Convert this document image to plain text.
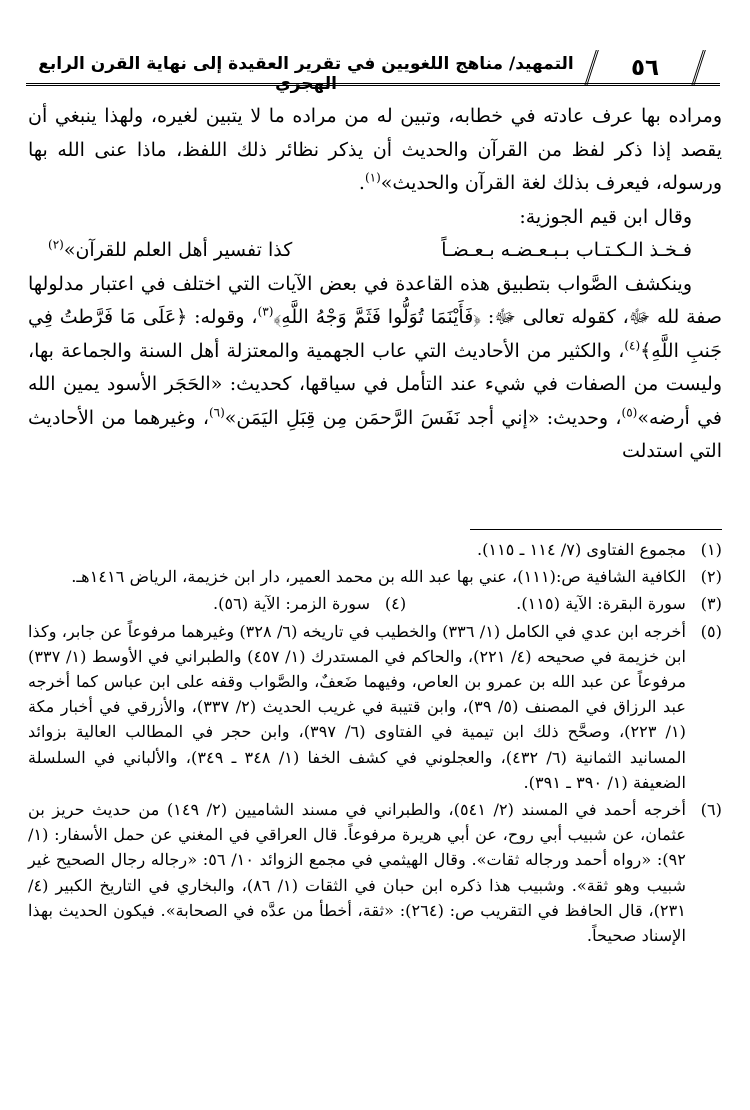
٥٦
التمهيد/ مناهج اللغويين في تقرير العقيدة إلى نهاية القرن الرابع الهجري

ومراده بها عرف عادته في خطابه، وتبين له من مراده ما لا يتبين لغيره، ولهذا ينبغي أن يقصد إذا ذكر لفظ من القرآن والحديث أن يذكر نظائر ذلك اللفظ، ماذا عنى الله بها ورسوله، فيعرف بذلك لغة القرآن والحديث»$^{(١)}$.

وقال ابن قيم الجوزية:

فـخـذ الـكـتـاب بـبـعـضـه بـعـضـاً
كذا تفسير أهل العلم للقرآن»$^{(٢)}$

وينكشف الصَّواب بتطبيق هذه القاعدة في بعض الآيات التي اختلف في اعتبار مدلولها صفة لله ﷻ، كقوله تعالى ﷻ: ﴿فَأَيْنَمَا تُوَلُّوا فَثَمَّ وَجْهُ اللَّهِ﴾$^{(٣)}$، وقوله: ﴿عَلَى مَا فَرَّطتُ فِي جَنبِ اللَّهِ﴾$^{(٤)}$، والكثير من الأحاديث التي عاب الجهمية والمعتزلة أهل السنة والجماعة بها، وليست من الصفات في شيء عند التأمل في سياقها، كحديث: «الحَجَر الأسود يمين الله في أرضه»$^{(٥)}$، وحديث: «إني أجد نَفَسَ الرَّحمَن مِن قِبَلِ اليَمَن»$^{(٦)}$، وغيرهما من الأحاديث التي استدلت

(١)
مجموع الفتاوى (٧/ ١١٤ ـ ١١٥).
(٢)
الكافية الشافية ص:(١١١)، عني بها عبد الله بن محمد العمير، دار ابن خزيمة، الرياض ١٤١٦هـ.
(٣)
سورة البقرة: الآية (١١٥).
(٤)
سورة الزمر: الآية (٥٦).
(٥)
أخرجه ابن عدي في الكامل (١/ ٣٣٦) والخطيب في تاريخه (٦/ ٣٢٨) وغيرهما مرفوعاً عن جابر، وكذا ابن خزيمة في صحيحه (٤/ ٢٢١)، والحاكم في المستدرك (١/ ٤٥٧) والطبراني في الأوسط (١/ ٣٣٧) مرفوعاً عن عبد الله بن عمرو بن العاص، وفيهما ضَعفٌ، والصَّواب وقفه على ابن عباس كما أخرجه عبد الرزاق في المصنف (٥/ ٣٩)، وابن قتيبة في غريب الحديث (٢/ ٣٣٧)، والأزرقي في أخبار مكة (١/ ٢٢٣)، وصحَّح ذلك ابن تيمية في الفتاوى (٦/ ٣٩٧)، وابن حجر في المطالب العالية بزوائد المسانيد الثمانية (٦/ ٤٣٢)، والعجلوني في كشف الخفا (١/ ٣٤٨ ـ ٣٤٩)، والألباني في السلسلة الضعيفة (١/ ٣٩٠ ـ ٣٩١).
(٦)
أخرجه أحمد في المسند (٢/ ٥٤١)، والطبراني في مسند الشاميين (٢/ ١٤٩) من حديث حريز بن عثمان، عن شبيب أبي روح، عن أبي هريرة مرفوعاً. قال العراقي في المغني عن حمل الأسفار: (١/ ٩٢): «رواه أحمد ورجاله ثقات». وقال الهيثمي في مجمع الزوائد ١٠/ ٥٦: «رجاله رجال الصحيح غير شبيب وهو ثقة». وشبيب هذا ذكره ابن حبان في الثقات (١/ ٨٦)، والبخاري في التاريخ الكبير (٤/ ٢٣١)، قال الحافظ في التقريب ص: (٢٦٤): «ثقة، أخطأ من عدَّه في الصحابة». فيكون الحديث بهذا الإسناد صحيحاً.
